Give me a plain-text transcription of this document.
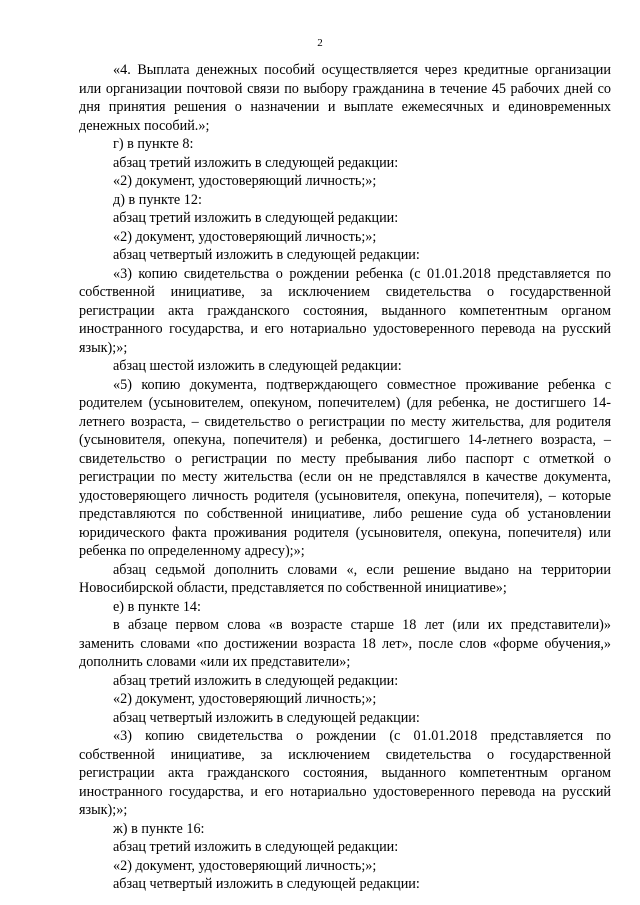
2

«4. Выплата денежных пособий осуществляется через кредитные организации или организации почтовой связи по выбору гражданина в течение 45 рабочих дней со дня принятия решения о назначении и выплате ежемесячных и единовременных денежных пособий.»;

г) в пункте 8:

абзац третий изложить в следующей редакции:

«2) документ, удостоверяющий личность;»;

д) в пункте 12:

абзац третий изложить в следующей редакции:

«2) документ, удостоверяющий личность;»;

абзац четвертый изложить в следующей редакции:

«3) копию свидетельства о рождении ребенка (с 01.01.2018 представляется по собственной инициативе, за исключением свидетельства о государственной регистрации акта гражданского состояния, выданного компетентным органом иностранного государства, и его нотариально удостоверенного перевода на русский язык);»;

абзац шестой изложить в следующей редакции:

«5) копию документа, подтверждающего совместное проживание ребенка с родителем (усыновителем, опекуном, попечителем) (для ребенка, не достигшего 14-летнего возраста, – свидетельство о регистрации по месту жительства, для родителя (усыновителя, опекуна, попечителя) и ребенка, достигшего 14-летнего возраста, – свидетельство о регистрации по месту пребывания либо паспорт с отметкой о регистрации по месту жительства (если он не представлялся в качестве документа, удостоверяющего личность родителя (усыновителя, опекуна, попечителя), – которые представляются по собственной инициативе, либо решение суда об установлении юридического факта проживания родителя (усыновителя, опекуна, попечителя) или ребенка по определенному адресу);»;

абзац седьмой дополнить словами «, если решение выдано на территории Новосибирской области, представляется по собственной инициативе»;

е) в пункте 14:

в абзаце первом слова «в возрасте старше 18 лет (или их представители)» заменить словами «по достижении возраста 18 лет», после слов «форме обучения,» дополнить словами «или их представители»;

абзац третий изложить в следующей редакции:

«2) документ, удостоверяющий личность;»;

абзац четвертый изложить в следующей редакции:

«3) копию свидетельства о рождении (с 01.01.2018 представляется по собственной инициативе, за исключением свидетельства о государственной регистрации акта гражданского состояния, выданного компетентным органом иностранного государства, и его нотариально удостоверенного перевода на русский язык);»;

ж) в пункте 16:

абзац третий изложить в следующей редакции:

«2) документ, удостоверяющий личность;»;

абзац четвертый изложить в следующей редакции:
